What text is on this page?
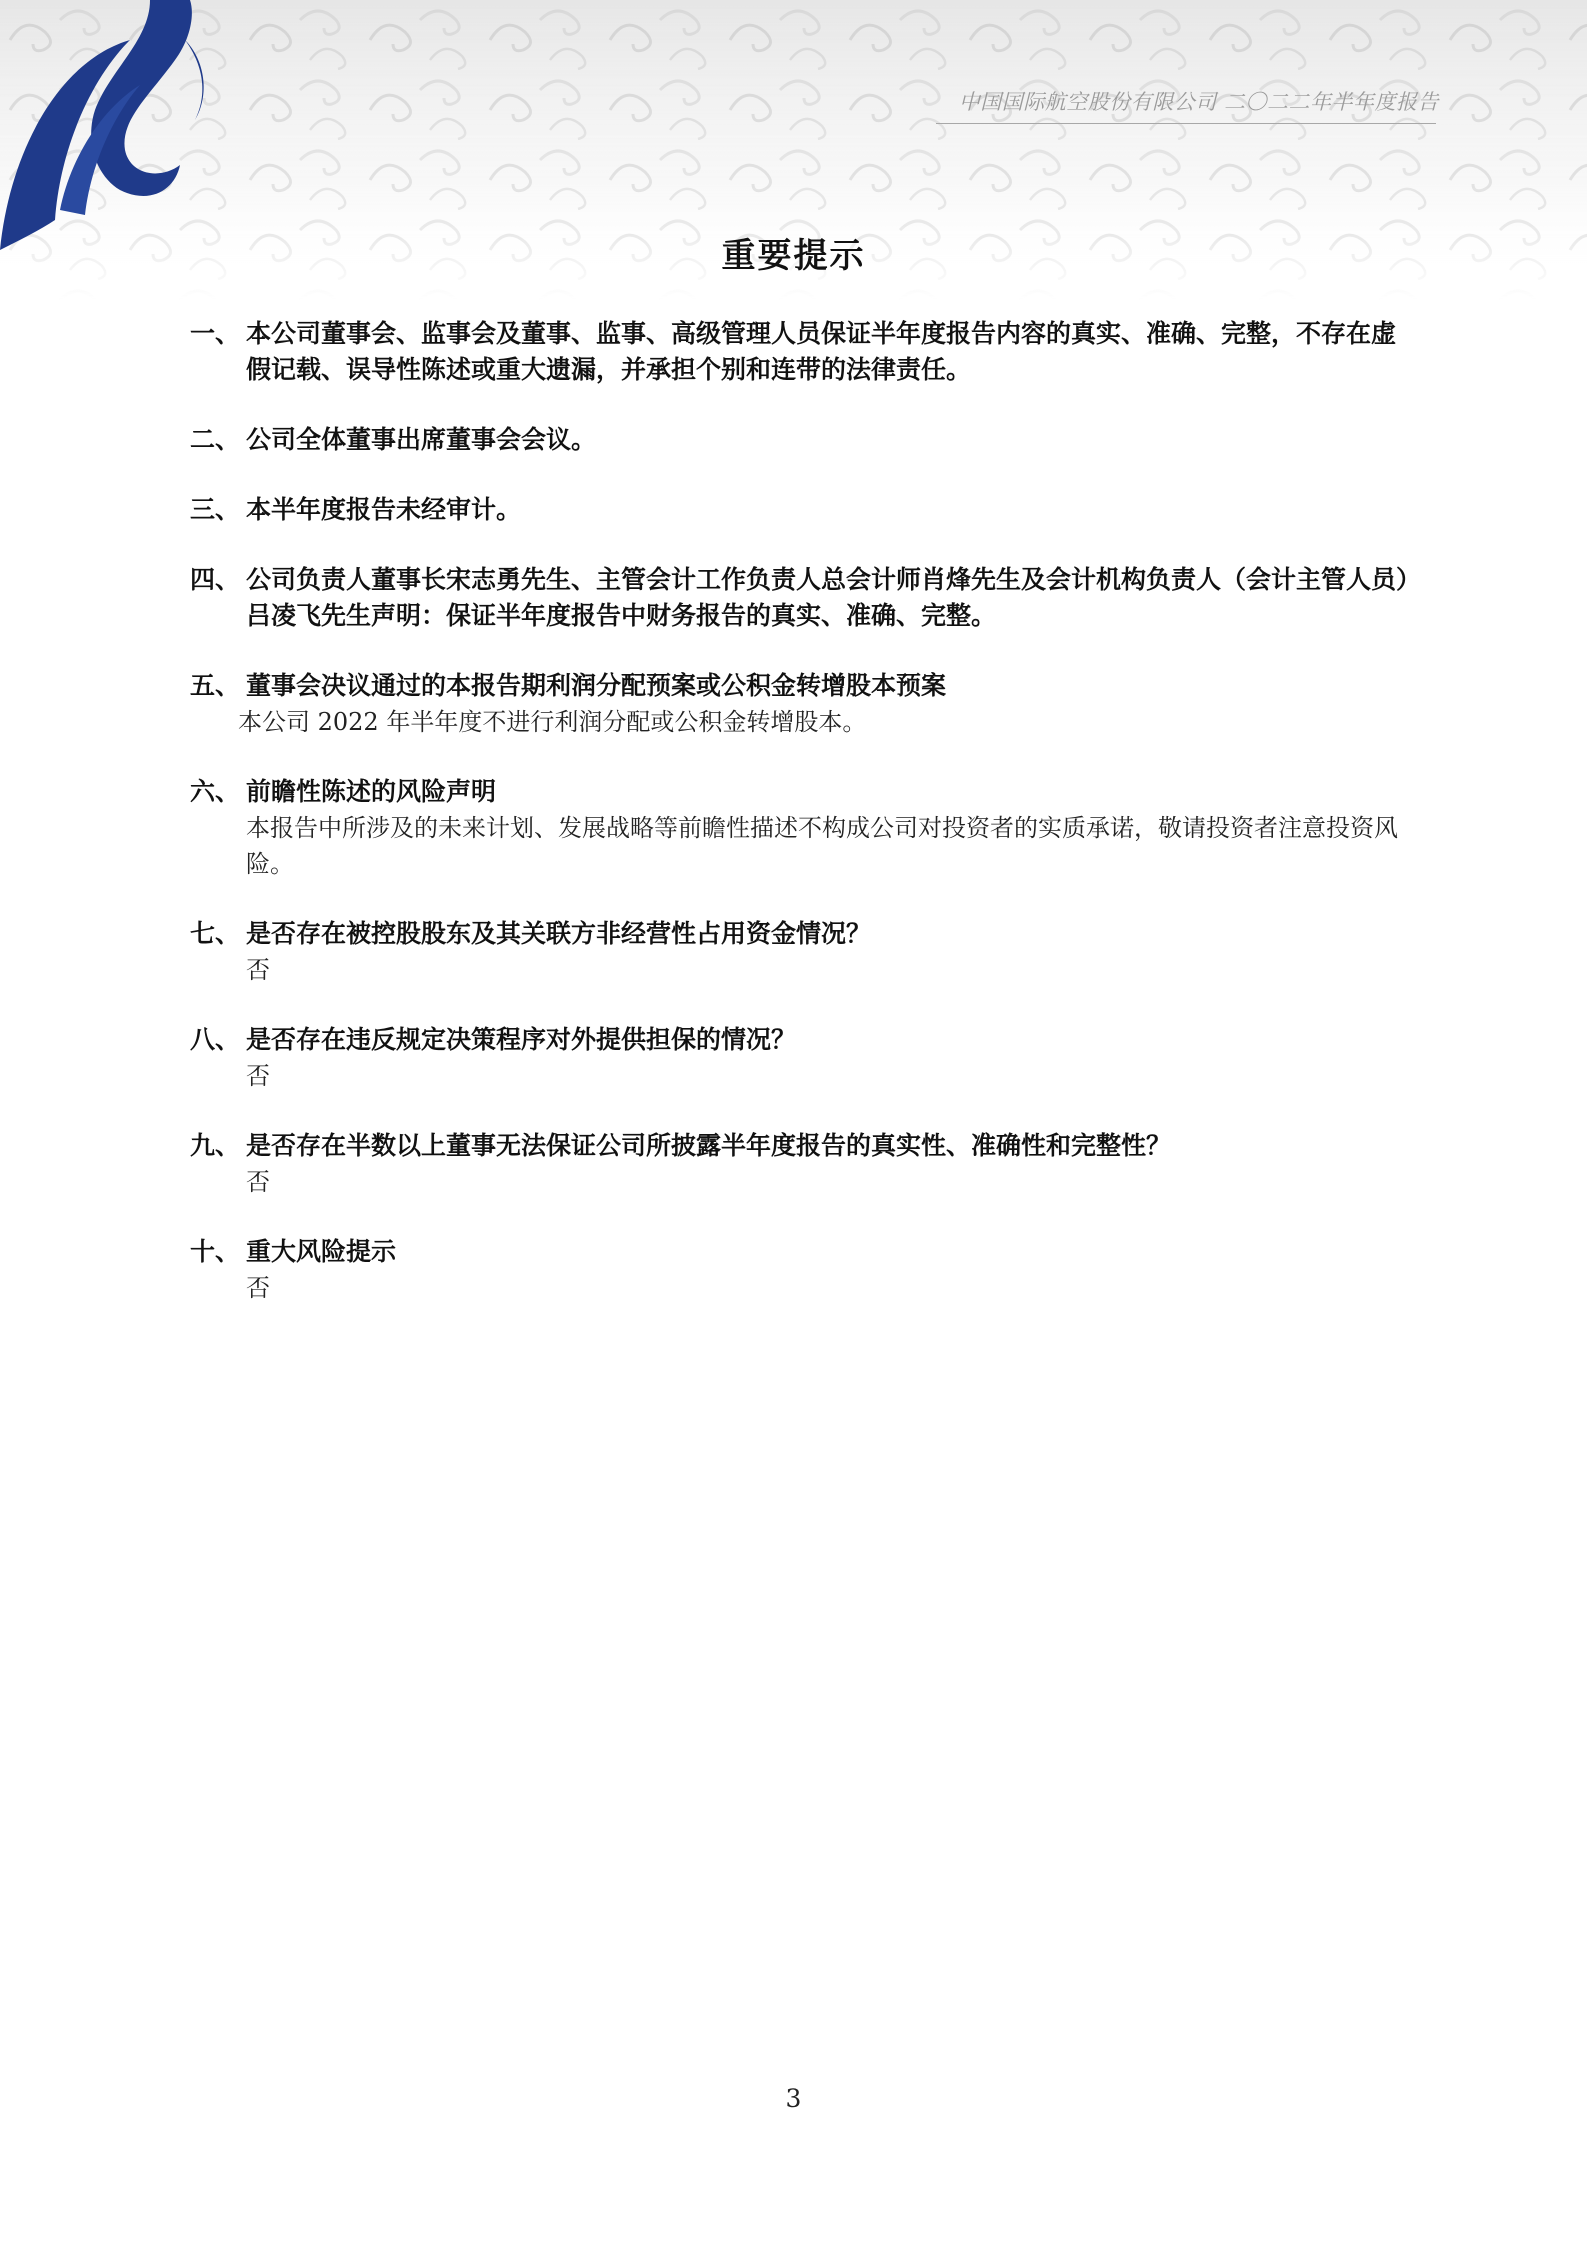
中国国际航空股份有限公司 二〇二二年半年度报告
重要提示
一、 本公司董事会、监事会及董事、监事、高级管理人员保证半年度报告内容的真实、准确、完整，不存在虚假记载、误导性陈述或重大遗漏，并承担个别和连带的法律责任。
二、 公司全体董事出席董事会会议。
三、 本半年度报告未经审计。
四、 公司负责人董事长宋志勇先生、主管会计工作负责人总会计师肖烽先生及会计机构负责人（会计主管人员）吕凌飞先生声明：保证半年度报告中财务报告的真实、准确、完整。
五、 董事会决议通过的本报告期利润分配预案或公积金转增股本预案
本公司 2022 年半年度不进行利润分配或公积金转增股本。
六、 前瞻性陈述的风险声明
本报告中所涉及的未来计划、发展战略等前瞻性描述不构成公司对投资者的实质承诺，敬请投资者注意投资风险。
七、 是否存在被控股股东及其关联方非经营性占用资金情况？
否
八、 是否存在违反规定决策程序对外提供担保的情况？
否
九、 是否存在半数以上董事无法保证公司所披露半年度报告的真实性、准确性和完整性？
否
十、 重大风险提示
否
3
